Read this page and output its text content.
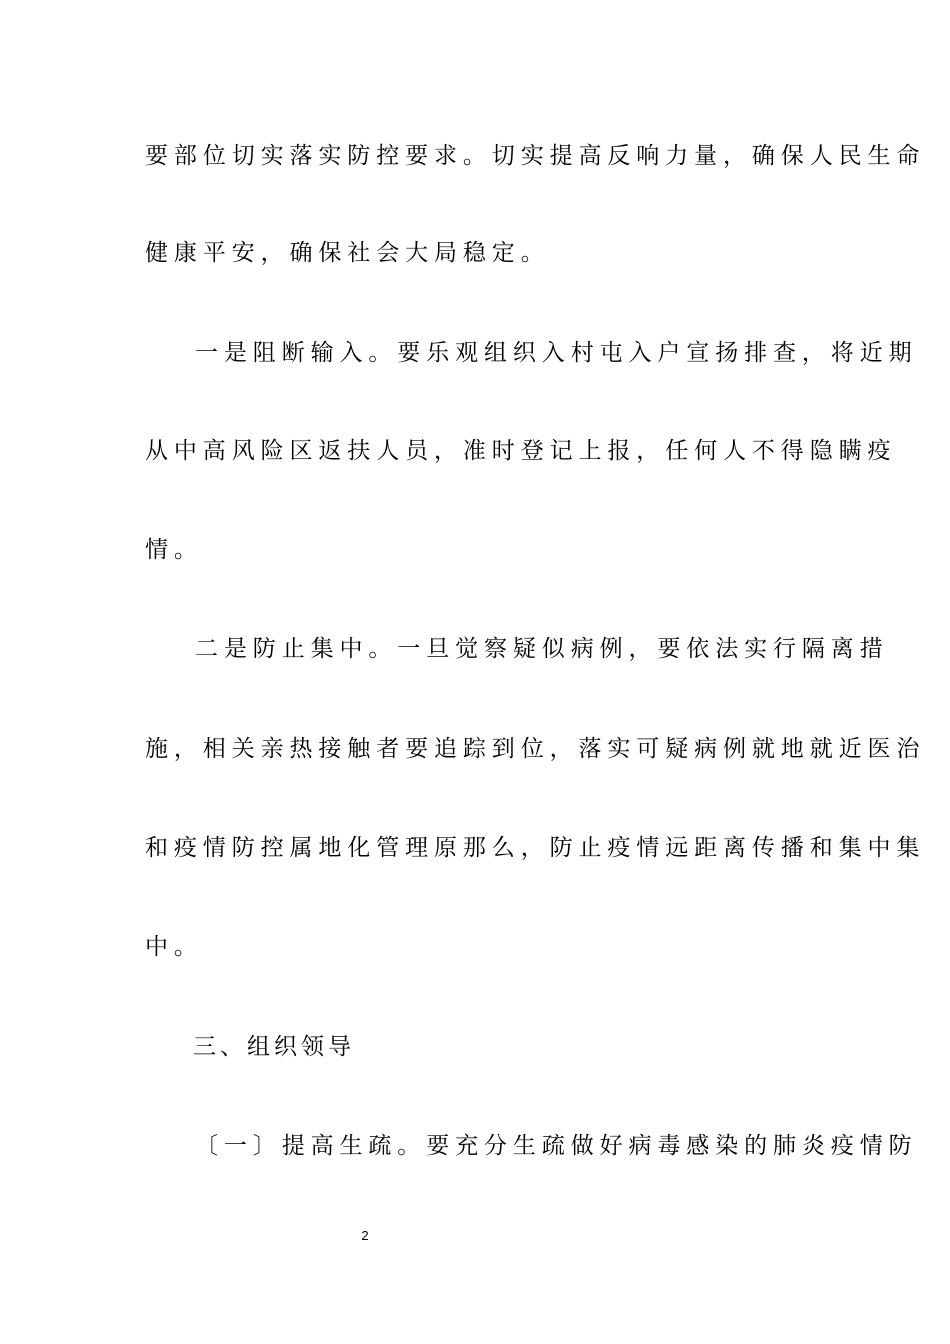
要部位切实落实防控要求。切实提高反响力量，确保人民生命
健康平安，确保社会大局稳定。
一是阻断输入。要乐观组织入村屯入户宣扬排查，将近期
从中高风险区返扶人员，准时登记上报，任何人不得隐瞒疫
情。
二是防止集中。一旦觉察疑似病例，要依法实行隔离措
施，相关亲热接触者要追踪到位，落实可疑病例就地就近医治
和疫情防控属地化管理原那么，防止疫情远距离传播和集中集
中。
三、组织领导
〔一〕提高生疏。要充分生疏做好病毒感染的肺炎疫情防
2
